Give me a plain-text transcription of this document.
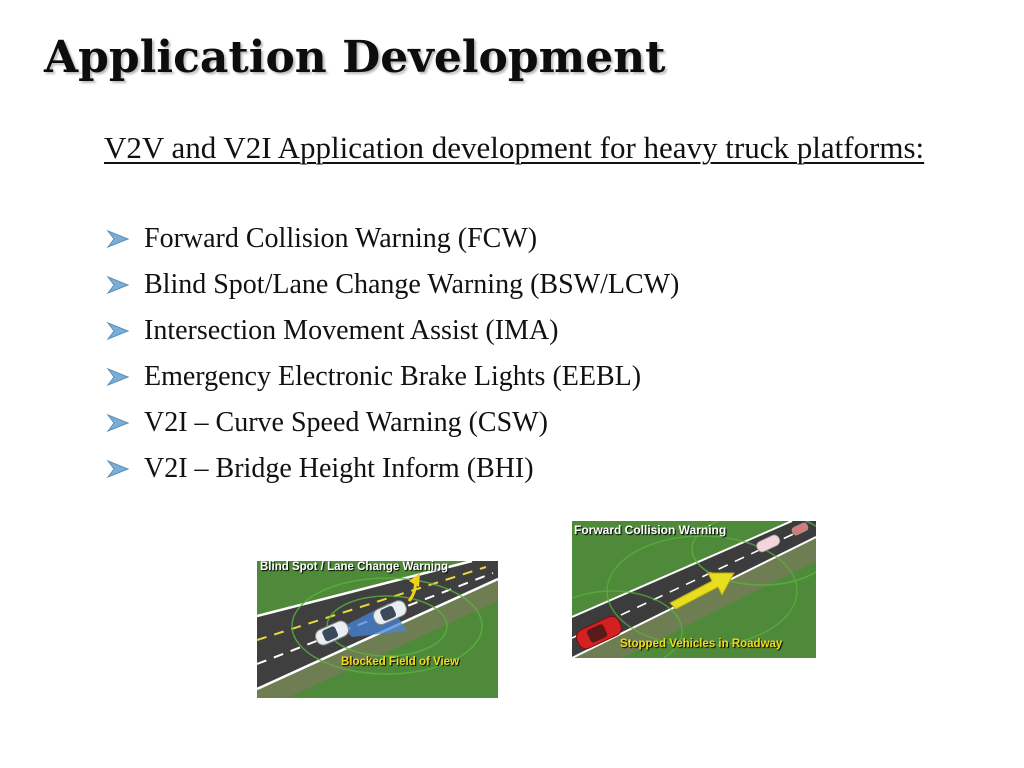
Application Development
V2V and V2I Application development for heavy truck platforms:
Forward Collision Warning (FCW)
Blind Spot/Lane Change Warning (BSW/LCW)
Intersection Movement Assist (IMA)
Emergency Electronic Brake Lights (EEBL)
V2I – Curve Speed Warning (CSW)
V2I – Bridge Height Inform (BHI)
Blind Spot / Lane Change Warning
Blocked Field of View
Forward Collision Warning
Stopped Vehicles in Roadway
